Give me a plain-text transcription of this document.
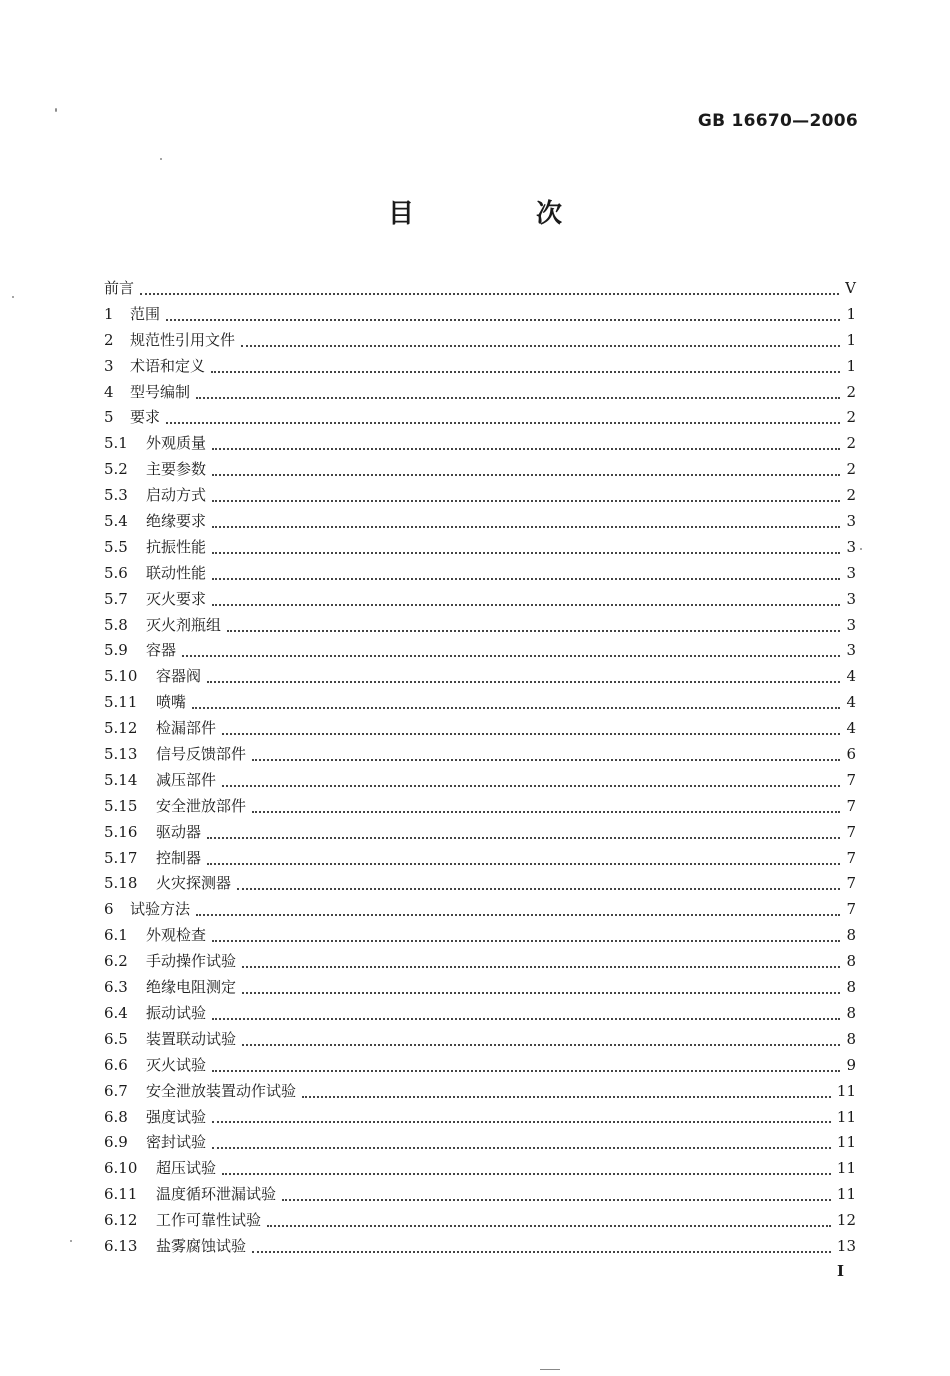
GB 16670—2006
目　次
前言	V
1	范围	1
2	规范性引用文件	1
3	术语和定义	1
4	型号编制	2
5	要求	2
5.1	外观质量	2
5.2	主要参数	2
5.3	启动方式	2
5.4	绝缘要求	3
5.5	抗振性能	3
5.6	联动性能	3
5.7	灭火要求	3
5.8	灭火剂瓶组	3
5.9	容器	3
5.10	容器阀	4
5.11	喷嘴	4
5.12	检漏部件	4
5.13	信号反馈部件	6
5.14	减压部件	7
5.15	安全泄放部件	7
5.16	驱动器	7
5.17	控制器	7
5.18	火灾探测器	7
6	试验方法	7
6.1	外观检查	8
6.2	手动操作试验	8
6.3	绝缘电阻测定	8
6.4	振动试验	8
6.5	装置联动试验	8
6.6	灭火试验	9
6.7	安全泄放装置动作试验	11
6.8	强度试验	11
6.9	密封试验	11
6.10	超压试验	11
6.11	温度循环泄漏试验	11
6.12	工作可靠性试验	12
6.13	盐雾腐蚀试验	13
I
